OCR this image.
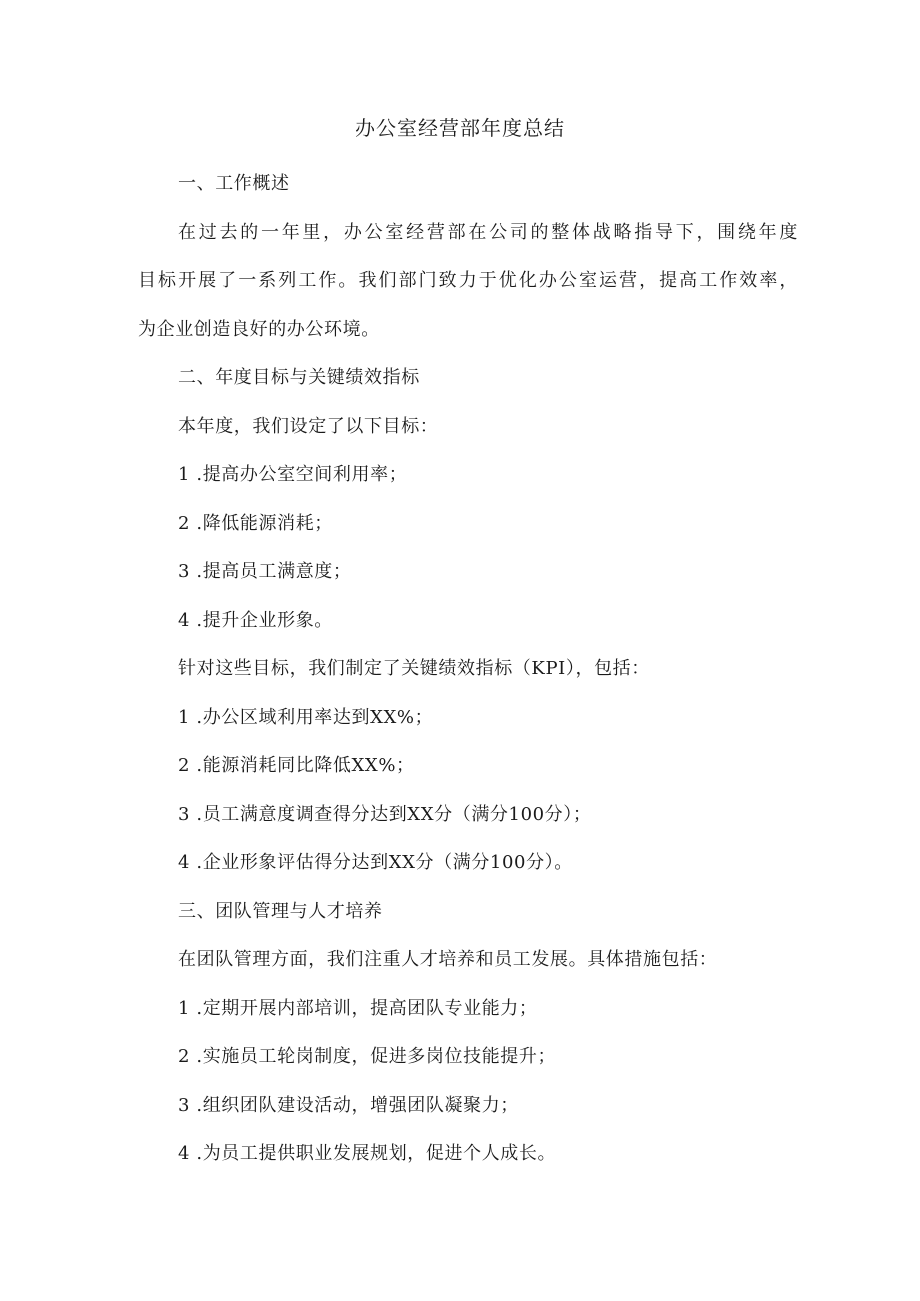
办公室经营部年度总结
一、工作概述
在过去的一年里，办公室经营部在公司的整体战略指导下，围绕年度
目标开展了一系列工作。我们部门致力于优化办公室运营，提高工作效率，
为企业创造良好的办公环境。
二、年度目标与关键绩效指标
本年度，我们设定了以下目标：
1 .提高办公室空间利用率；
2 .降低能源消耗；
3 .提高员工满意度；
4 .提升企业形象。
针对这些目标，我们制定了关键绩效指标（KPI），包括：
1 .办公区域利用率达到XX%；
2 .能源消耗同比降低XX%；
3 .员工满意度调查得分达到XX分（满分100分）；
4 .企业形象评估得分达到XX分（满分100分）。
三、团队管理与人才培养
在团队管理方面，我们注重人才培养和员工发展。具体措施包括：
1 .定期开展内部培训，提高团队专业能力；
2 .实施员工轮岗制度，促进多岗位技能提升；
3 .组织团队建设活动，增强团队凝聚力；
4 .为员工提供职业发展规划，促进个人成长。
